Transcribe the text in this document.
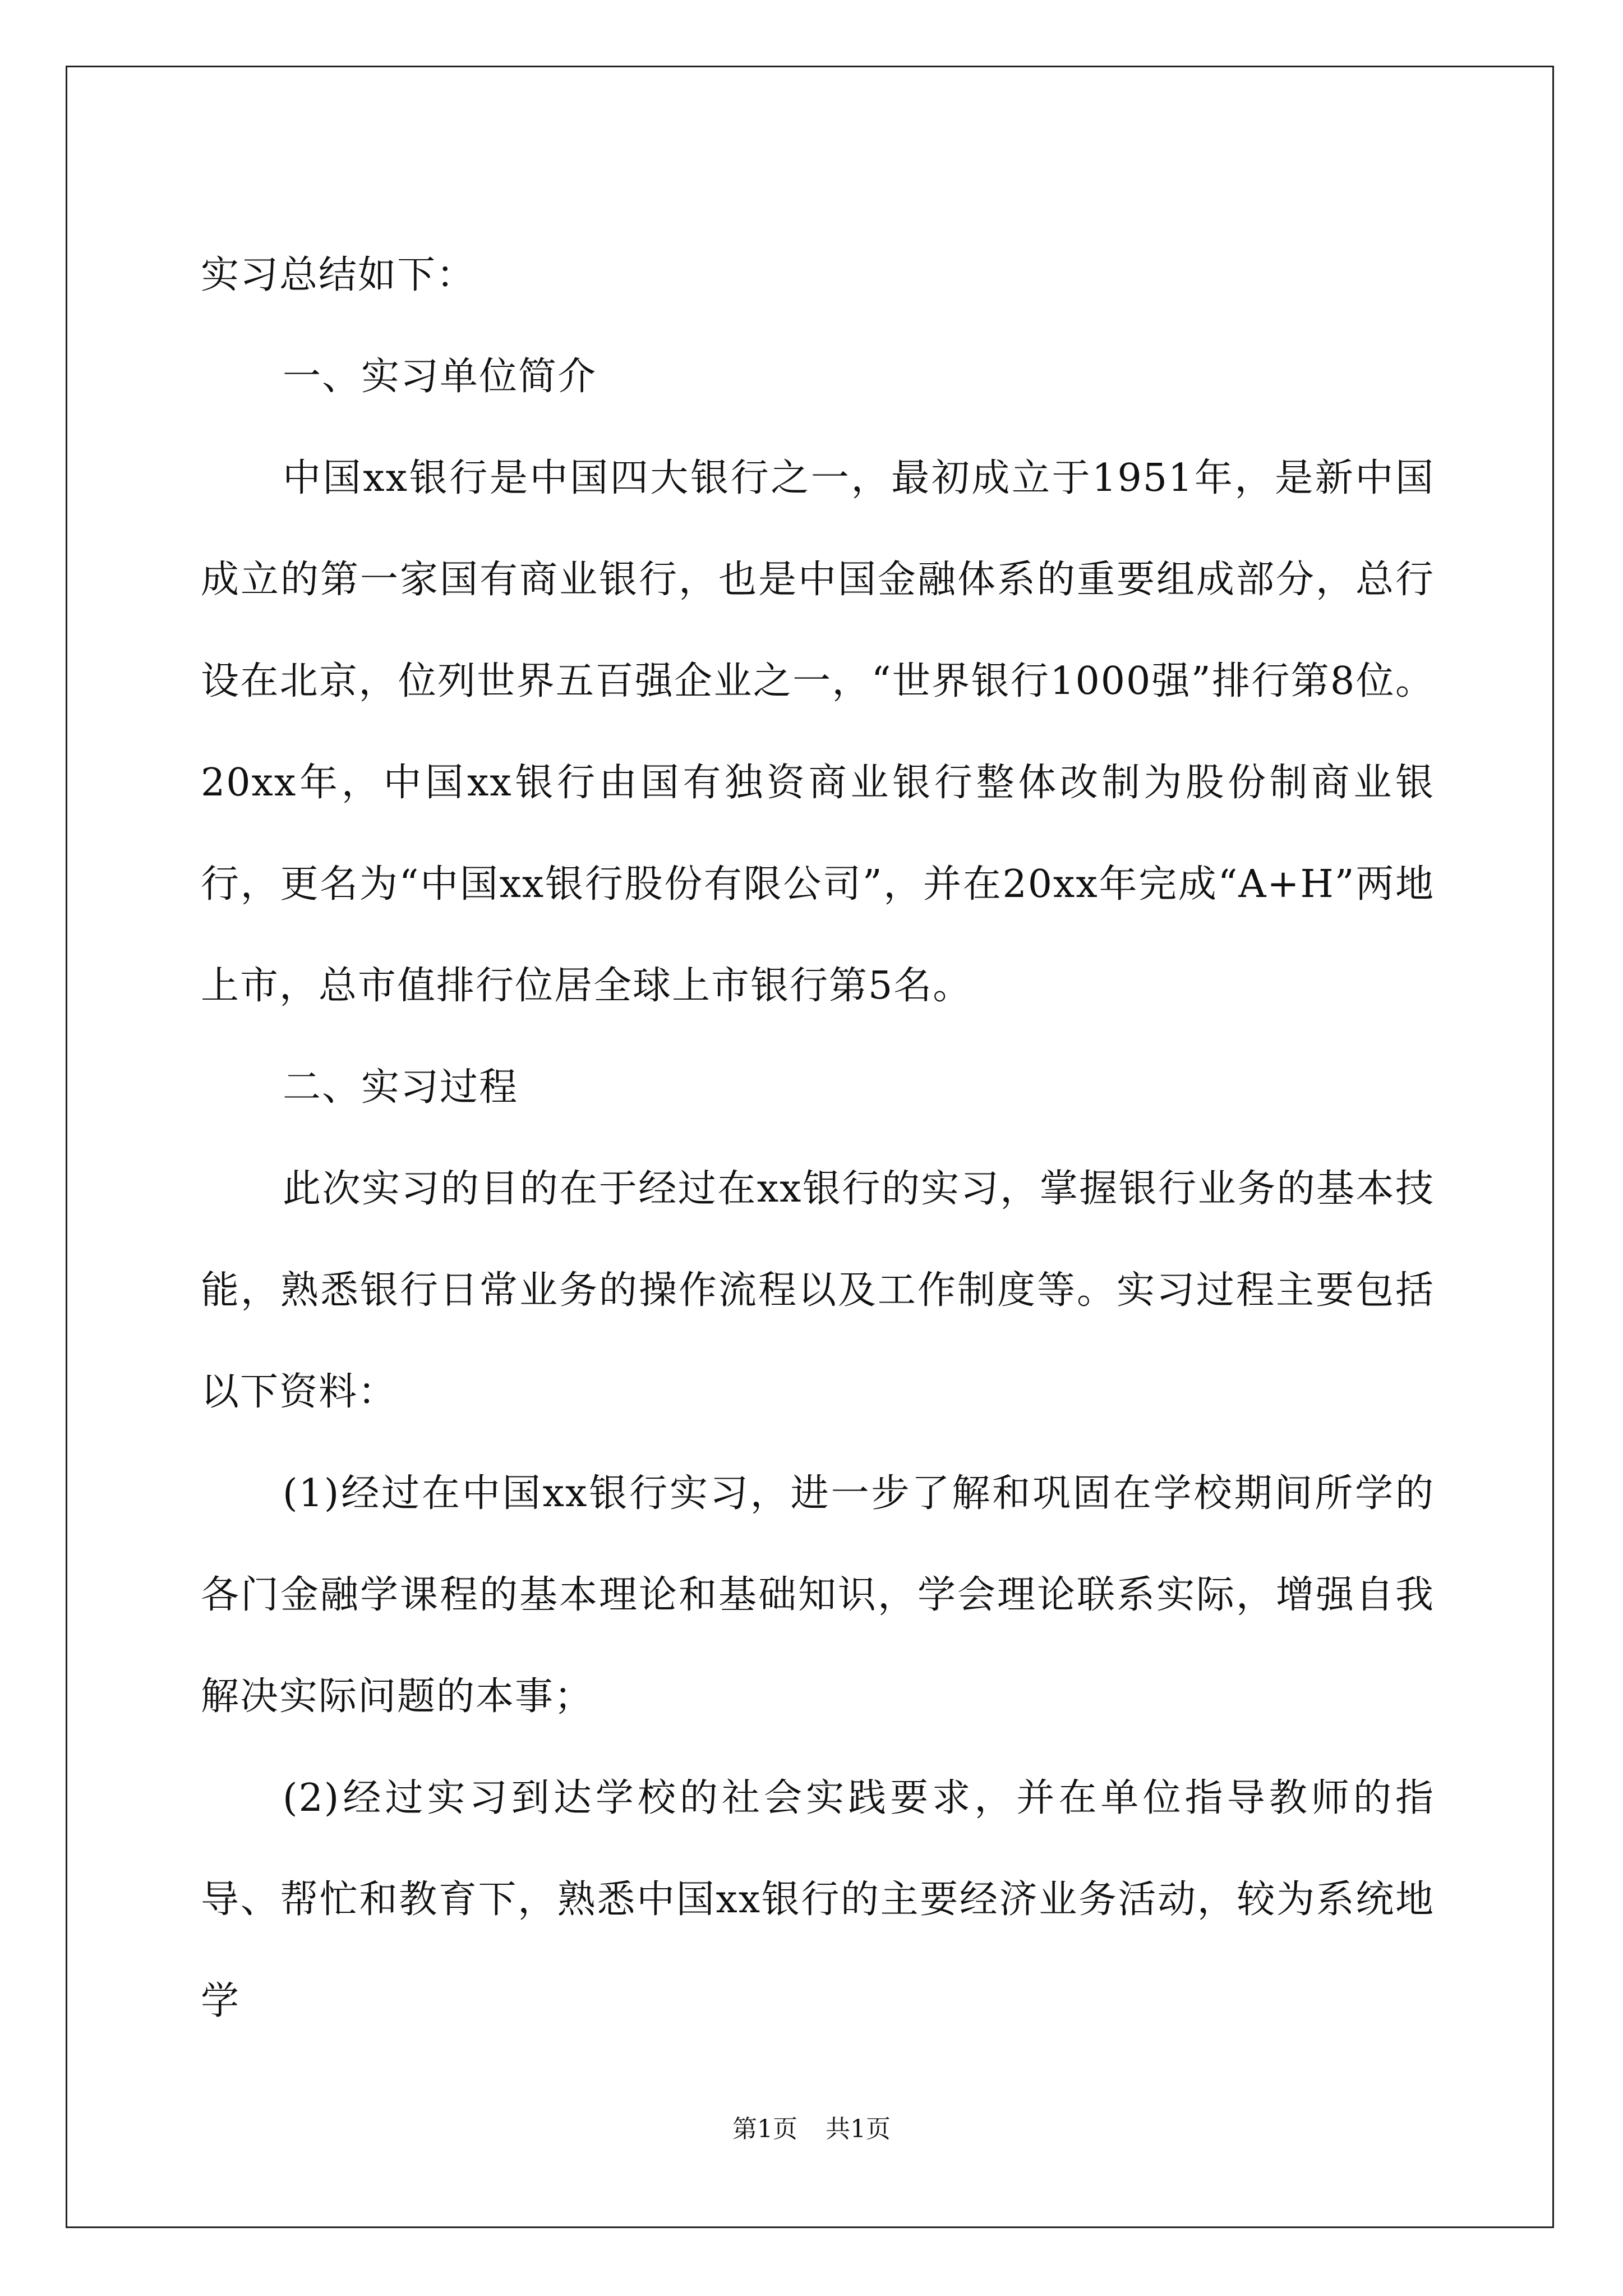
实习总结如下：

一、实习单位简介

中国xx银行是中国四大银行之一，最初成立于1951年，是新中国成立的第一家国有商业银行，也是中国金融体系的重要组成部分，总行设在北京，位列世界五百强企业之一，“世界银行1000强”排行第8位。20xx年，中国xx银行由国有独资商业银行整体改制为股份制商业银行，更名为“中国xx银行股份有限公司”，并在20xx年完成“A+H”两地上市，总市值排行位居全球上市银行第5名。

二、实习过程

此次实习的目的在于经过在xx银行的实习，掌握银行业务的基本技能，熟悉银行日常业务的操作流程以及工作制度等。实习过程主要包括以下资料：

(1)经过在中国xx银行实习，进一步了解和巩固在学校期间所学的各门金融学课程的基本理论和基础知识，学会理论联系实际，增强自我解决实际问题的本事；

(2)经过实习到达学校的社会实践要求，并在单位指导教师的指导、帮忙和教育下，熟悉中国xx银行的主要经济业务活动，较为系统地学

第1页 共1页
